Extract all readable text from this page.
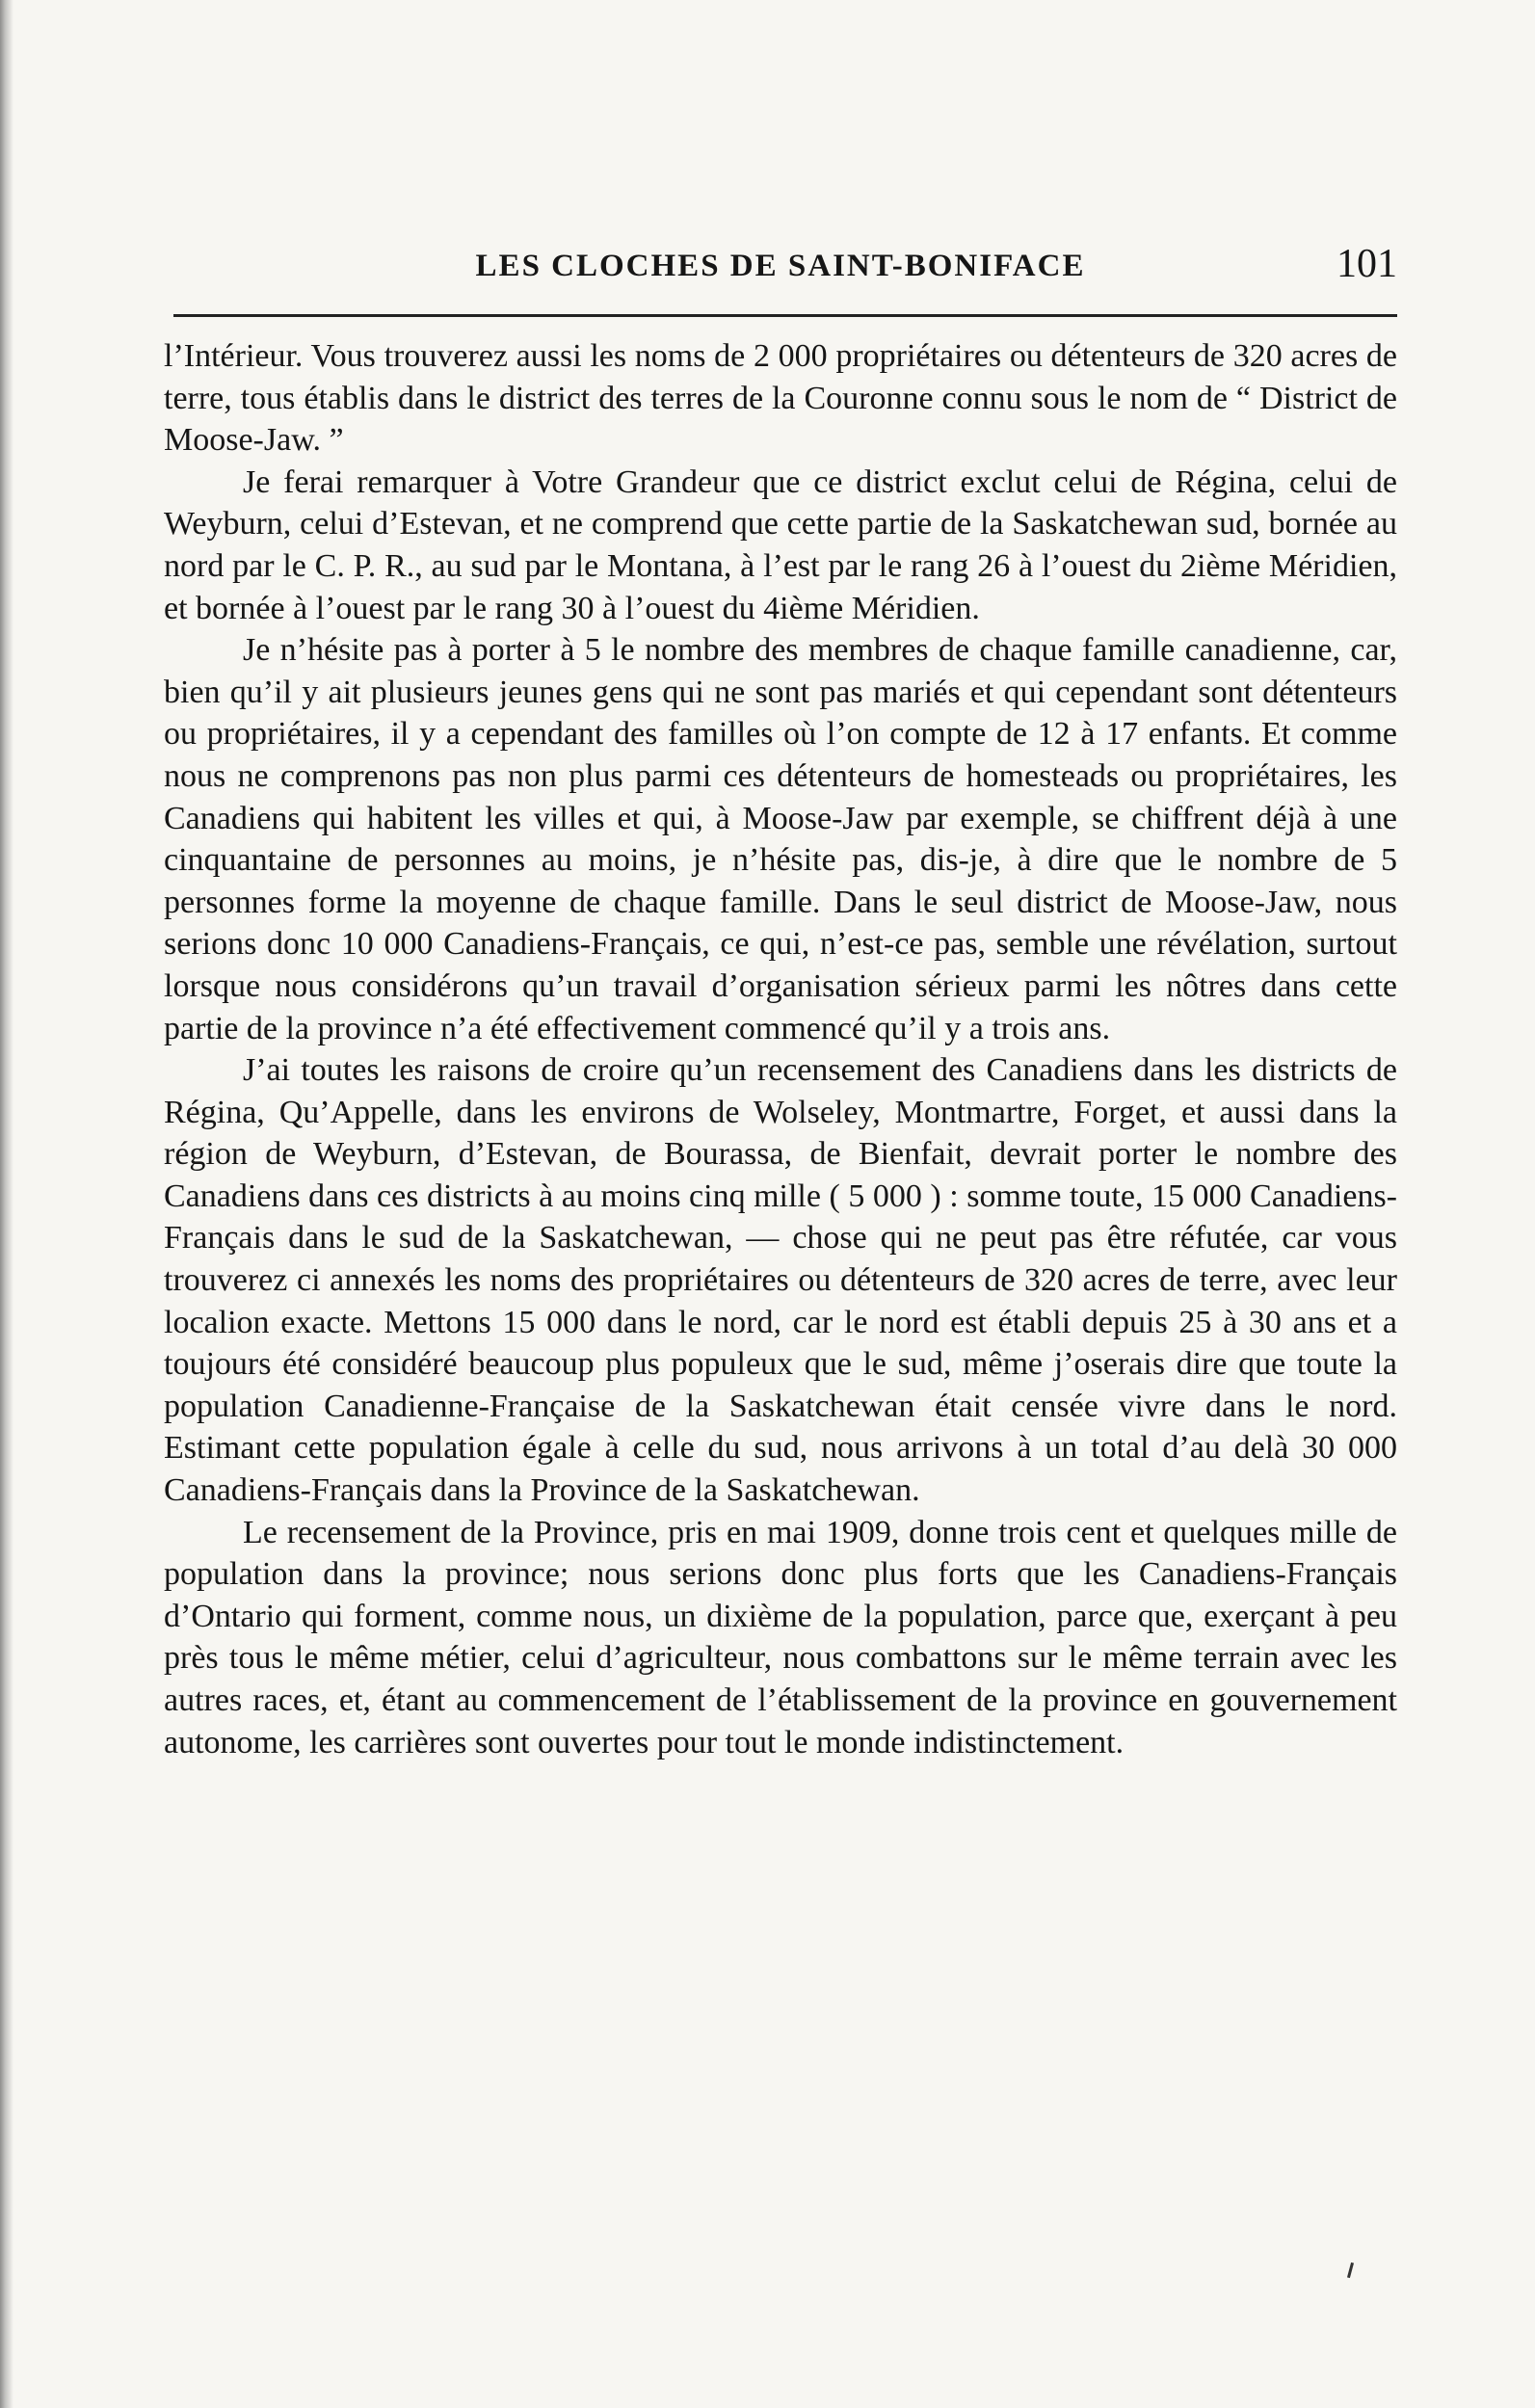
LES CLOCHES DE SAINT-BONIFACE	101

l’Intérieur. Vous trouverez aussi les noms de 2 000 propriétaires ou détenteurs de 320 acres de terre, tous établis dans le district des terres de la Couronne connu sous le nom de “ District de Moose-Jaw. ”

Je ferai remarquer à Votre Grandeur que ce district exclut celui de Régina, celui de Weyburn, celui d’Estevan, et ne comprend que cette partie de la Saskatchewan sud, bornée au nord par le C. P. R., au sud par le Montana, à l’est par le rang 26 à l’ouest du 2ième Méridien, et bornée à l’ouest par le rang 30 à l’ouest du 4ième Méridien.

Je n’hésite pas à porter à 5 le nombre des membres de chaque famille canadienne, car, bien qu’il y ait plusieurs jeunes gens qui ne sont pas mariés et qui cependant sont détenteurs ou propriétaires, il y a cependant des familles où l’on compte de 12 à 17 enfants. Et comme nous ne comprenons pas non plus parmi ces détenteurs de homesteads ou propriétaires, les Canadiens qui habitent les villes et qui, à Moose-Jaw par exemple, se chiffrent déjà à une cinquantaine de personnes au moins, je n’hésite pas, dis-je, à dire que le nombre de 5 personnes forme la moyenne de chaque famille. Dans le seul district de Moose-Jaw, nous serions donc 10 000 Canadiens-Français, ce qui, n’est-ce pas, semble une révélation, surtout lorsque nous considérons qu’un travail d’organisation sérieux parmi les nôtres dans cette partie de la province n’a été effectivement commencé qu’il y a trois ans.

J’ai toutes les raisons de croire qu’un recensement des Canadiens dans les districts de Régina, Qu’Appelle, dans les environs de Wolseley, Montmartre, Forget, et aussi dans la région de Weyburn, d’Estevan, de Bourassa, de Bienfait, devrait porter le nombre des Canadiens dans ces districts à au moins cinq mille ( 5 000 ) : somme toute, 15 000 Canadiens-Français dans le sud de la Saskatchewan, — chose qui ne peut pas être réfutée, car vous trouverez ci annexés les noms des propriétaires ou détenteurs de 320 acres de terre, avec leur localion exacte. Mettons 15 000 dans le nord, car le nord est établi depuis 25 à 30 ans et a toujours été considéré beaucoup plus populeux que le sud, même j’oserais dire que toute la population Canadienne-Française de la Saskatchewan était censée vivre dans le nord. Estimant cette population égale à celle du sud, nous arrivons à un total d’au delà 30 000 Canadiens-Français dans la Province de la Saskatchewan.

Le recensement de la Province, pris en mai 1909, donne trois cent et quelques mille de population dans la province; nous serions donc plus forts que les Canadiens-Français d’Ontario qui forment, comme nous, un dixième de la population, parce que, exerçant à peu près tous le même métier, celui d’agriculteur, nous combattons sur le même terrain avec les autres races, et, étant au commencement de l’établissement de la province en gouvernement autonome, les carrières sont ouvertes pour tout le monde indistinctement.
